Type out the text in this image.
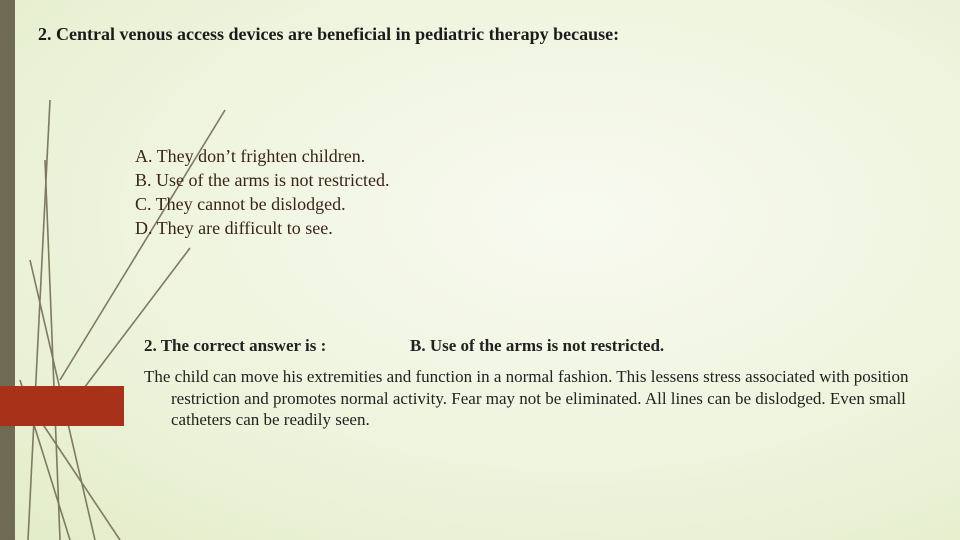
2. Central venous access devices are beneficial in pediatric therapy because:

A. They don’t frighten children.
B. Use of the arms is not restricted.
C. They cannot be dislodged.
D. They are difficult to see.
2. The correct answer is :	B. Use of the arms is not restricted.

The child can move his extremities and function in a normal fashion. This lessens stress associated with position restriction and promotes normal activity. Fear may not be eliminated. All lines can be dislodged. Even small catheters can be readily seen.
